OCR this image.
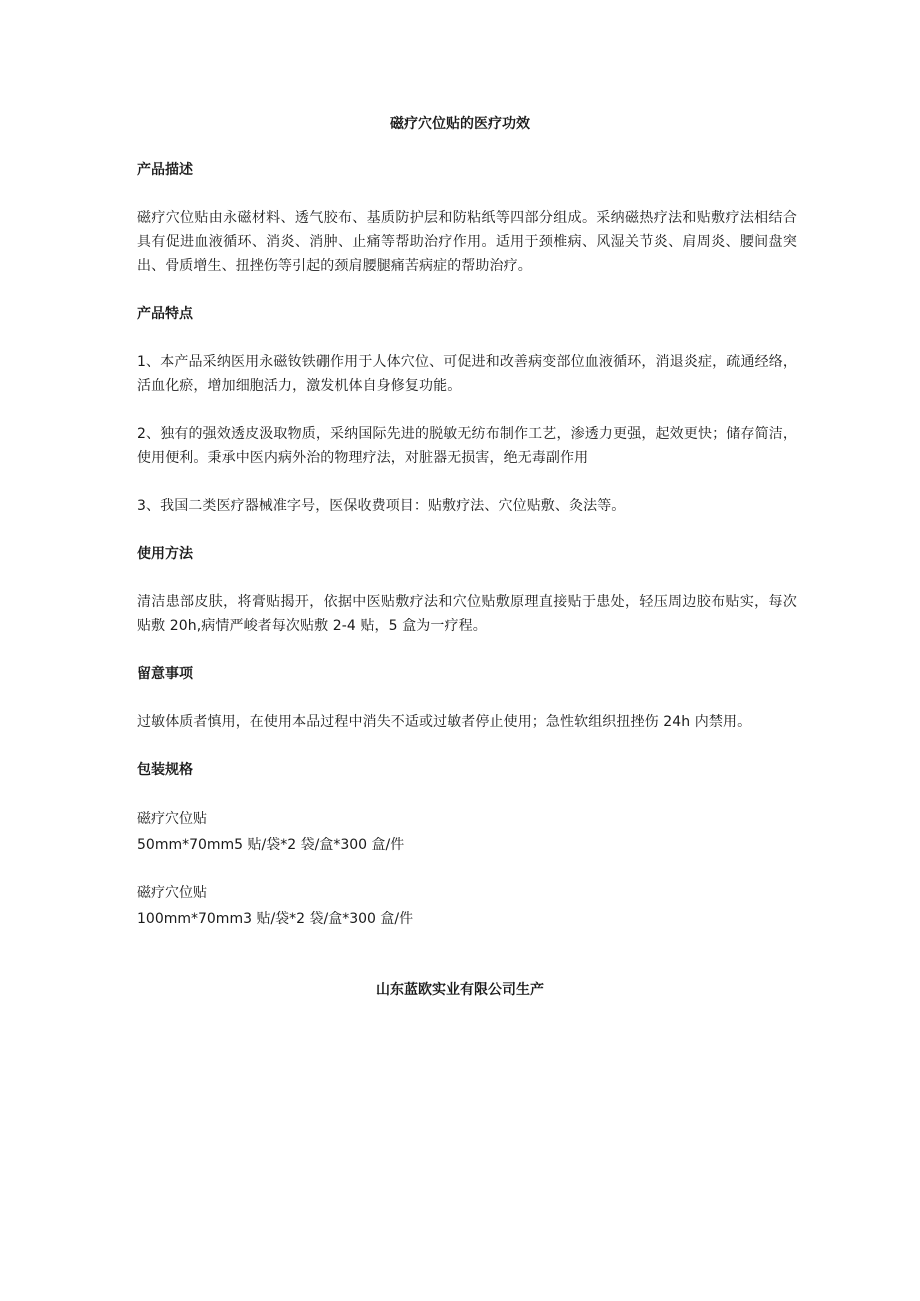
磁疗穴位贴的医疗功效
产品描述

磁疗穴位贴由永磁材料、透气胶布、基质防护层和防粘纸等四部分组成。采纳磁热疗法和贴敷疗法相结合具有促进血液循环、消炎、消肿、止痛等帮助治疗作用。适用于颈椎病、风湿关节炎、肩周炎、腰间盘突出、骨质增生、扭挫伤等引起的颈肩腰腿痛苦病症的帮助治疗。

产品特点

1、本产品采纳医用永磁钕铁硼作用于人体穴位、可促进和改善病变部位血液循环，消退炎症，疏通经络，活血化瘀，增加细胞活力，激发机体自身修复功能。

2、独有的强效透皮汲取物质，采纳国际先进的脱敏无纺布制作工艺，渗透力更强，起效更快；储存简洁，使用便利。秉承中医内病外治的物理疗法，对脏器无损害，绝无毒副作用

3、我国二类医疗器械准字号，医保收费项目：贴敷疗法、穴位贴敷、灸法等。

使用方法

清洁患部皮肤，将膏贴揭开，依据中医贴敷疗法和穴位贴敷原理直接贴于患处，轻压周边胶布贴实，每次贴敷 20h,病情严峻者每次贴敷 2-4 贴，5 盒为一疗程。

留意事项

过敏体质者慎用，在使用本品过程中消失不适或过敏者停止使用；急性软组织扭挫伤 24h 内禁用。

包装规格

磁疗穴位贴
50mm*70mm5 贴/袋*2 袋/盒*300 盒/件

磁疗穴位贴
100mm*70mm3 贴/袋*2 袋/盒*300 盒/件

山东蓝欧实业有限公司生产
